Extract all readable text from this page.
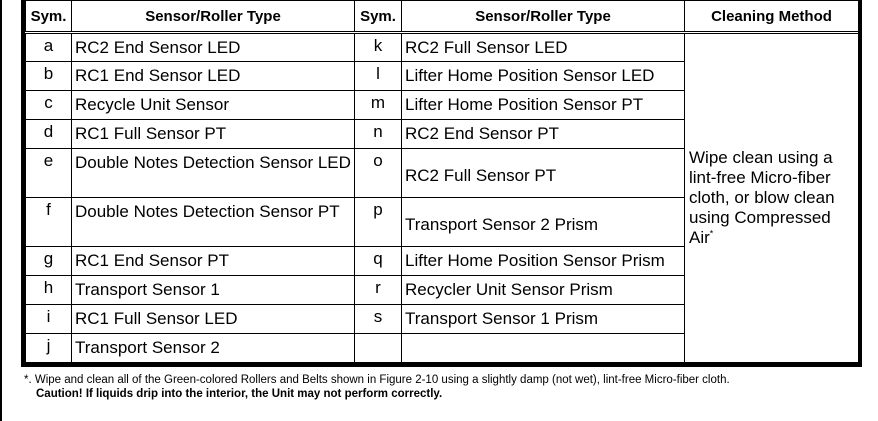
Sym.	Sensor/Roller Type	Sym.	Sensor/Roller Type	Cleaning Method
a	RC2 End Sensor LED	k	RC2 Full Sensor LED	Wipe clean using a lint-free Micro-fiber cloth, or blow clean using Compressed Air*
b	RC1 End Sensor LED	l	Lifter Home Position Sensor LED	
c	Recycle Unit Sensor	m	Lifter Home Position Sensor PT	
d	RC1 Full Sensor PT	n	RC2 End Sensor PT	
e	Double Notes Detection Sensor LED	o	RC2 Full Sensor PT	
f	Double Notes Detection Sensor PT	p	Transport Sensor 2 Prism	
g	RC1 End Sensor PT	q	Lifter Home Position Sensor Prism	
h	Transport Sensor 1	r	Recycler Unit Sensor Prism	
i	RC1 Full Sensor LED	s	Transport Sensor 1 Prism	
j	Transport Sensor 2			
*. Wipe and clean all of the Green-colored Rollers and Belts shown in Figure 2-10 using a slightly damp (not wet), lint-free Micro-fiber cloth.
Caution! If liquids drip into the interior, the Unit may not perform correctly.
